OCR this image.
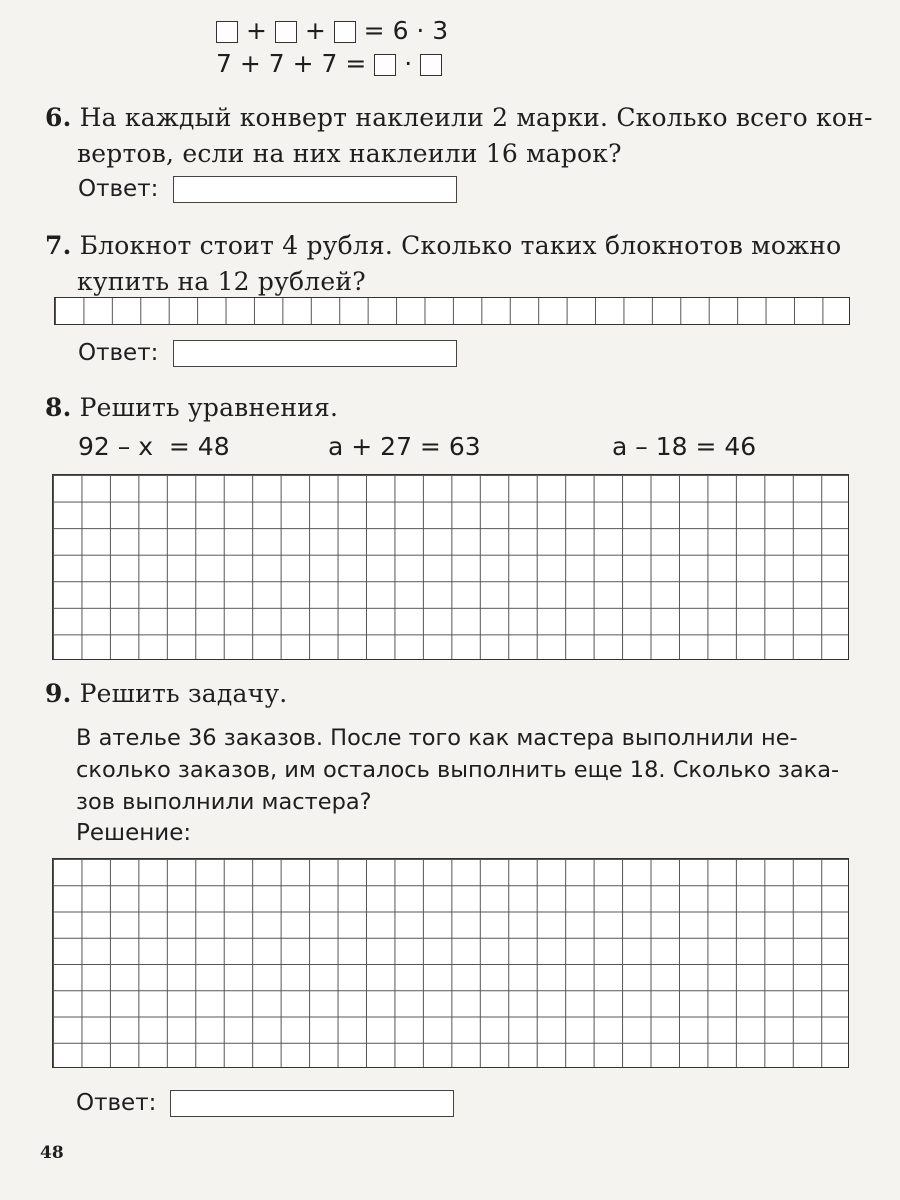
+ + = 6 · 3
7 + 7 + 7 = ·
6. На каждый конверт наклеили 2 марки. Сколько всего кон-
вертов, если на них наклеили 16 марок?
Ответ:
7. Блокнот стоит 4 рубля. Сколько таких блокнотов можно
купить на 12 рублей?
Ответ:
8. Решить уравнения.
92 – x  = 48	a + 27 = 63	a – 18 = 46
9. Решить задачу.
В ателье 36 заказов. После того как мастера выполнили не-
сколько заказов, им осталось выполнить еще 18. Сколько зака-
зов выполнили мастера?
Решение:
Ответ:
48
